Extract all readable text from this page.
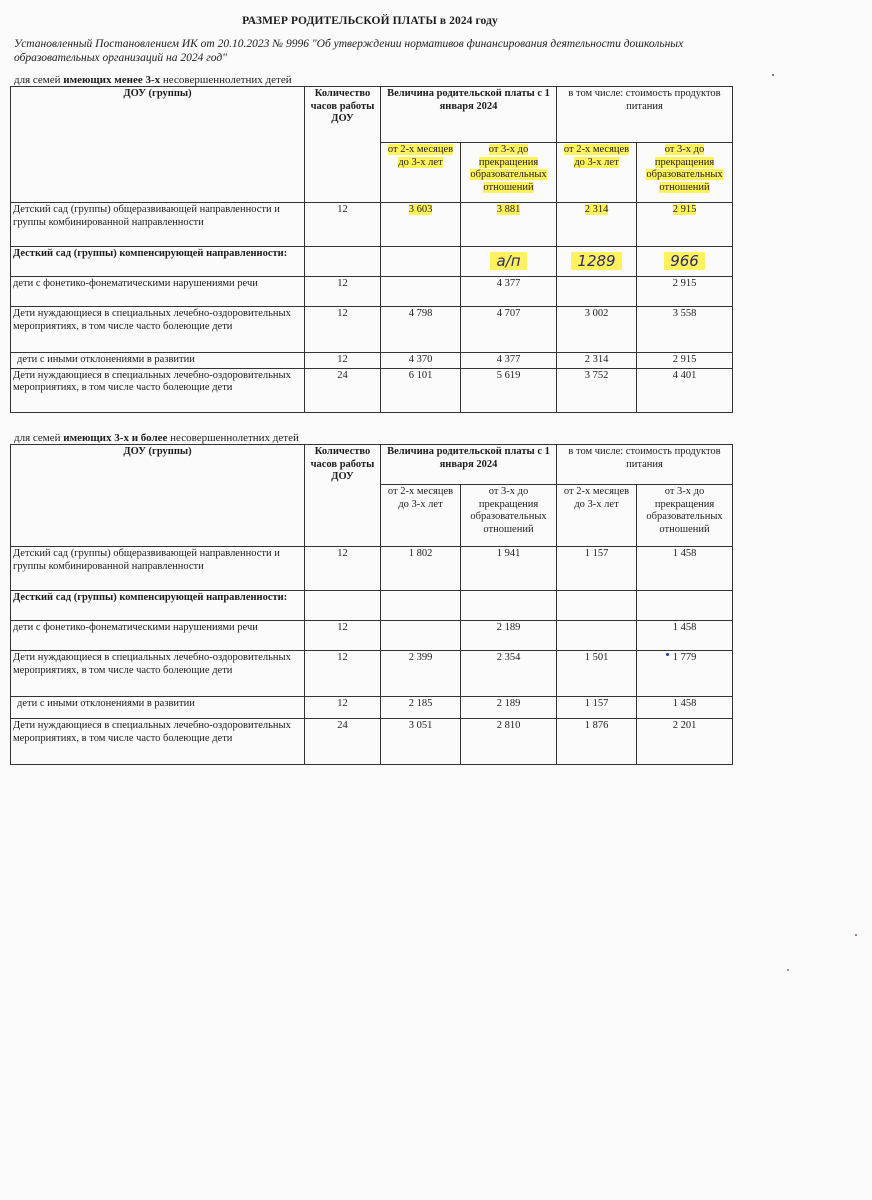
РАЗМЕР РОДИТЕЛЬСКОЙ ПЛАТЫ в 2024 году
Установленный Постановлением ИК от 20.10.2023 № 9996 "Об утверждении нормативов финансирования деятельности дошкольных образовательных организаций на 2024 год"
для семей имеющих менее 3-х несовершеннолетних детей
ДОУ (группы)	Количество часов работы ДОУ	Величина родительской платы с 1 января 2024		в том числе: стоимость продуктов питания	
		от 2-х месяцев до 3-х лет	от 3-х до прекращения образовательных отношений	от 2-х месяцев до 3-х лет	от 3-х до прекращения образовательных отношений
Детский сад (группы) общеразвивающей направленности и группы комбинированной направленности	12	3 603	3 881	2 314	2 915
Десткий сад (группы) компенсирующей направленности:			а/п	1289	966
дети с фонетико-фонематическими нарушениями речи	12		4 377		2 915
Дети нуждающиеся в специальных лечебно-оздоровительных мероприятиях, в том числе часто болеющие дети	12	4 798	4 707	3 002	3 558
дети с иными отклонениями в развитии	12	4 370	4 377	2 314	2 915
Дети нуждающиеся в специальных лечебно-оздоровительных мероприятиях, в том числе часто болеющие дети	24	6 101	5 619	3 752	4 401
для семей имеющих 3-х и более несовершеннолетних детей
ДОУ (группы)	Количество часов работы ДОУ	Величина родительской платы с 1 января 2024		в том числе: стоимость продуктов питания	
		от 2-х месяцев до 3-х лет	от 3-х до прекращения образовательных отношений	от 2-х месяцев до 3-х лет	от 3-х до прекращения образовательных отношений
Детский сад (группы) общеразвивающей направленности и группы комбинированной направленности	12	1 802	1 941	1 157	1 458
Десткий сад (группы) компенсирующей направленности:					
дети с фонетико-фонематическими нарушениями речи	12		2 189		1 458
Дети нуждающиеся в специальных лечебно-оздоровительных мероприятиях, в том числе часто болеющие дети	12	2 399	2 354	1 501	1 779
дети с иными отклонениями в развитии	12	2 185	2 189	1 157	1 458
Дети нуждающиеся в специальных лечебно-оздоровительных мероприятиях, в том числе часто болеющие дети	24	3 051	2 810	1 876	2 201
